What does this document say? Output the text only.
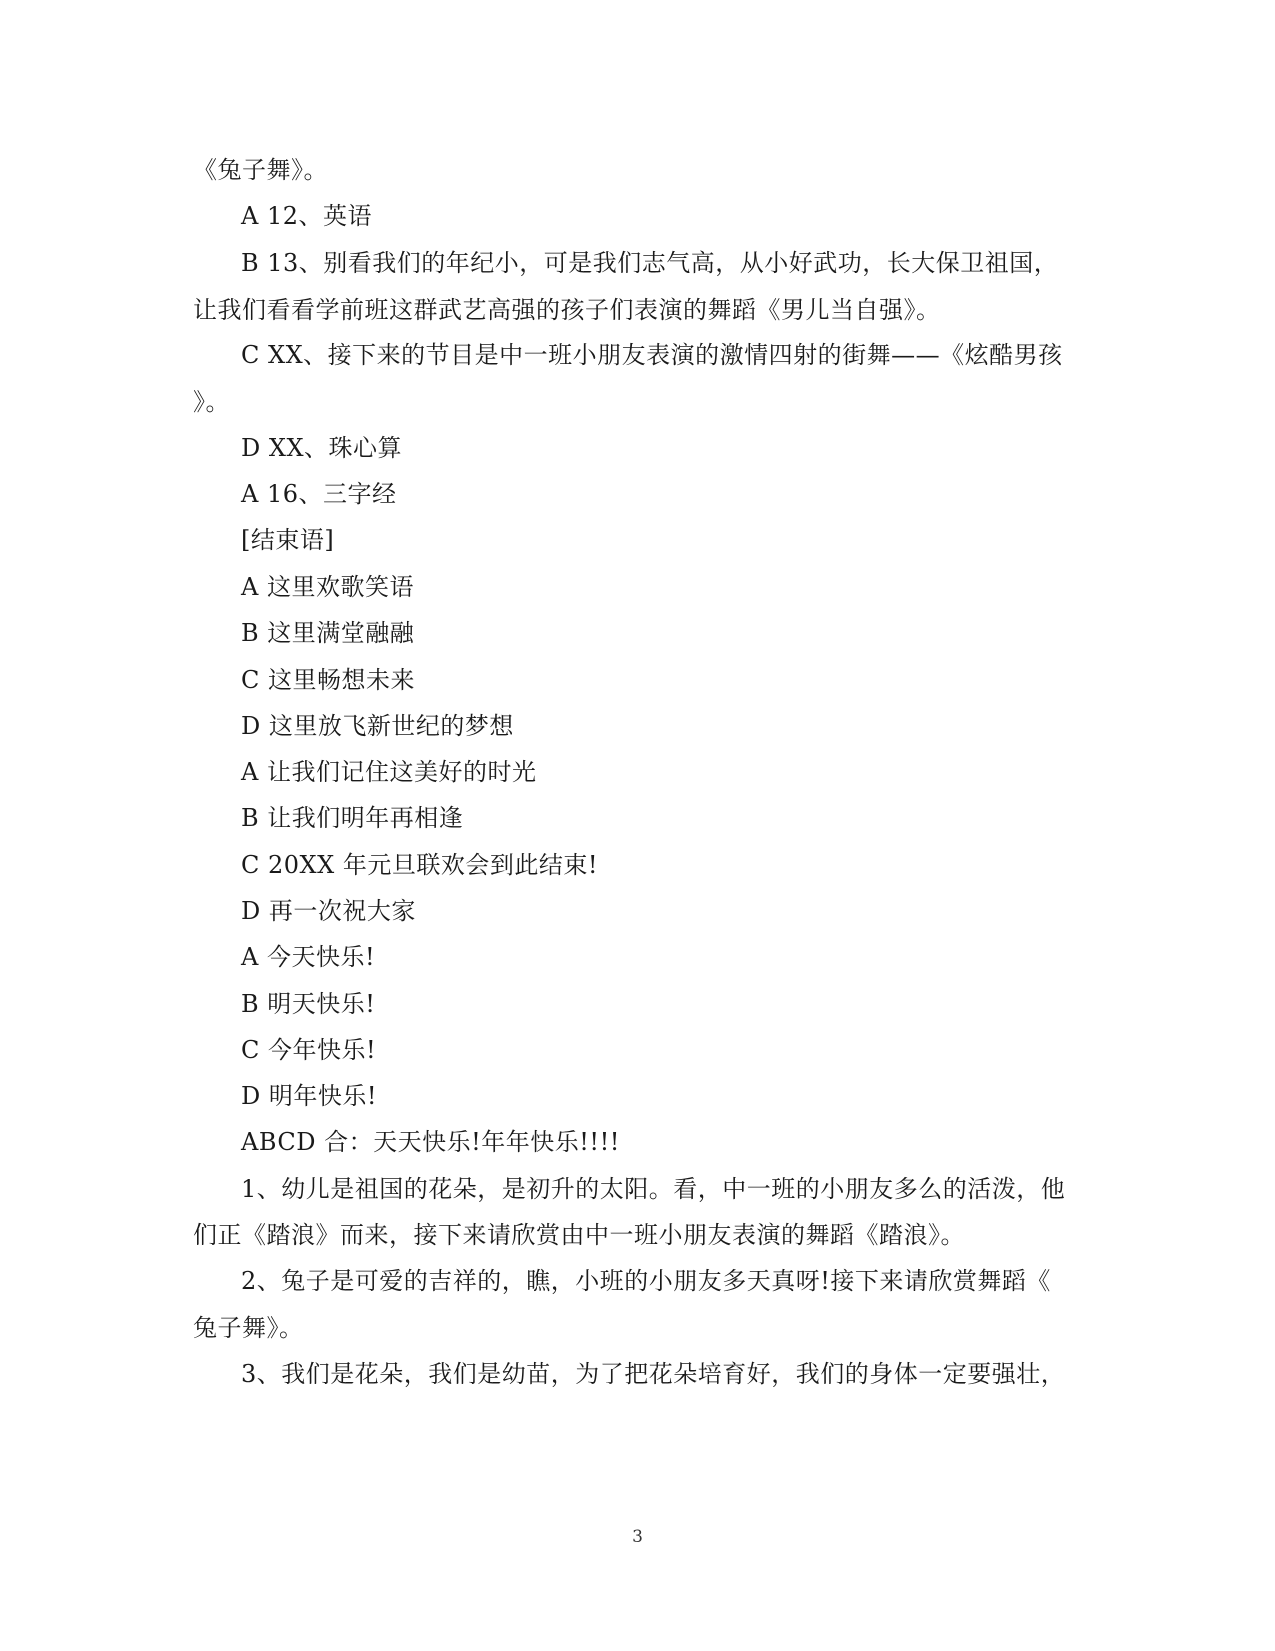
《兔子舞》。
A 12、英语
B 13、别看我们的年纪小，可是我们志气高，从小好武功，长大保卫祖国，
让我们看看学前班这群武艺高强的孩子们表演的舞蹈《男儿当自强》。
C XX、接下来的节目是中一班小朋友表演的激情四射的街舞——《炫酷男孩
》。
D XX、珠心算
A 16、三字经
[结束语]
A 这里欢歌笑语
B 这里满堂融融
C 这里畅想未来
D 这里放飞新世纪的梦想
A 让我们记住这美好的时光
B 让我们明年再相逢
C 20XX 年元旦联欢会到此结束!
D 再一次祝大家
A 今天快乐!
B 明天快乐!
C 今年快乐!
D 明年快乐!
ABCD 合：天天快乐!年年快乐!!!!
1、幼儿是祖国的花朵，是初升的太阳。看，中一班的小朋友多么的活泼，他
们正《踏浪》而来，接下来请欣赏由中一班小朋友表演的舞蹈《踏浪》。
2、兔子是可爱的吉祥的，瞧，小班的小朋友多天真呀!接下来请欣赏舞蹈《
兔子舞》。
3、我们是花朵，我们是幼苗，为了把花朵培育好，我们的身体一定要强壮，
3
